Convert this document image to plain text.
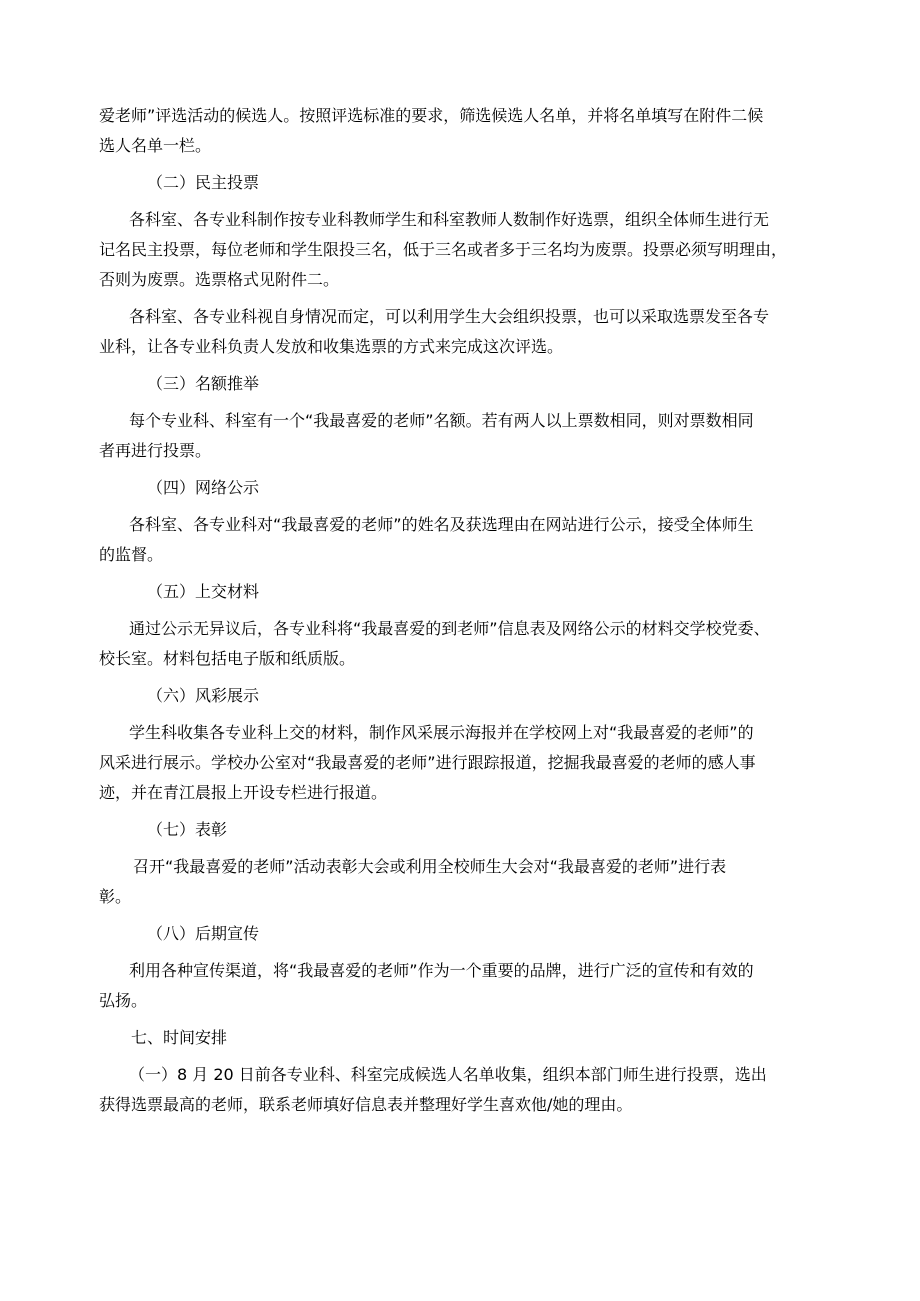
爱老师”评选活动的候选人。按照评选标准的要求，筛选候选人名单，并将名单填写在附件二候
选人名单一栏。
（二）民主投票
各科室、各专业科制作按专业科教师学生和科室教师人数制作好选票，组织全体师生进行无
记名民主投票，每位老师和学生限投三名，低于三名或者多于三名均为废票。投票必须写明理由，
否则为废票。选票格式见附件二。
各科室、各专业科视自身情况而定，可以利用学生大会组织投票，也可以采取选票发至各专
业科，让各专业科负责人发放和收集选票的方式来完成这次评选。
（三）名额推举
每个专业科、科室有一个“我最喜爱的老师”名额。若有两人以上票数相同，则对票数相同
者再进行投票。
（四）网络公示
各科室、各专业科对“我最喜爱的老师”的姓名及获选理由在网站进行公示，接受全体师生
的监督。
（五）上交材料
通过公示无异议后，各专业科将“我最喜爱的到老师”信息表及网络公示的材料交学校党委、
校长室。材料包括电子版和纸质版。
（六）风彩展示
学生科收集各专业科上交的材料，制作风采展示海报并在学校网上对“我最喜爱的老师”的
风采进行展示。学校办公室对“我最喜爱的老师”进行跟踪报道，挖掘我最喜爱的老师的感人事
迹，并在青江晨报上开设专栏进行报道。
（七）表彰
召开“我最喜爱的老师”活动表彰大会或利用全校师生大会对“我最喜爱的老师”进行表
彰。
（八）后期宣传
利用各种宣传渠道，将“我最喜爱的老师”作为一个重要的品牌，进行广泛的宣传和有效的
弘扬。
七、时间安排
（一）8 月 20 日前各专业科、科室完成候选人名单收集，组织本部门师生进行投票，选出
获得选票最高的老师，联系老师填好信息表并整理好学生喜欢他/她的理由。
